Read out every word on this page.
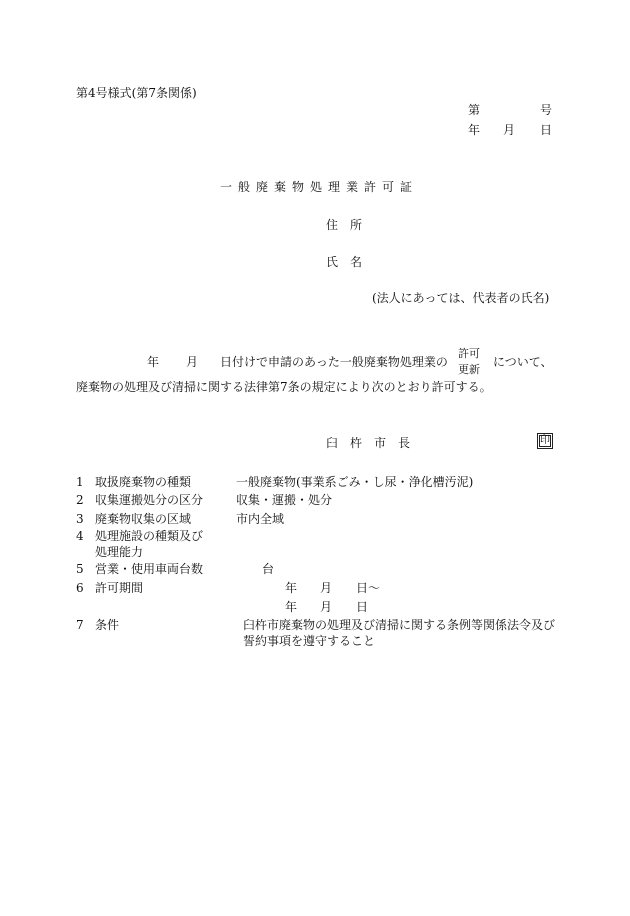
第4号様式(第7条関係)
第	号
年 月 日
一般廃棄物処理業許可証
住　所
氏　名
(法人にあっては、代表者の氏名)
年 月 日付けで申請のあった一般廃棄物処理業の
許可
更新
について、
廃棄物の処理及び清掃に関する法律第7条の規定により次のとおり許可する。
臼杵市長	印
1 取扱廃棄物の種類	一般廃棄物(事業系ごみ・し尿・浄化槽汚泥)
2 収集運搬処分の区分	収集・運搬・処分
3 廃棄物収集の区域	市内全域
4 処理施設の種類及び
処理能力
5 営業・使用車両台数	台
6 許可期間	年 月 日～
年 月 日
7 条件	臼杵市廃棄物の処理及び清掃に関する条例等関係法令及び
誓約事項を遵守すること
